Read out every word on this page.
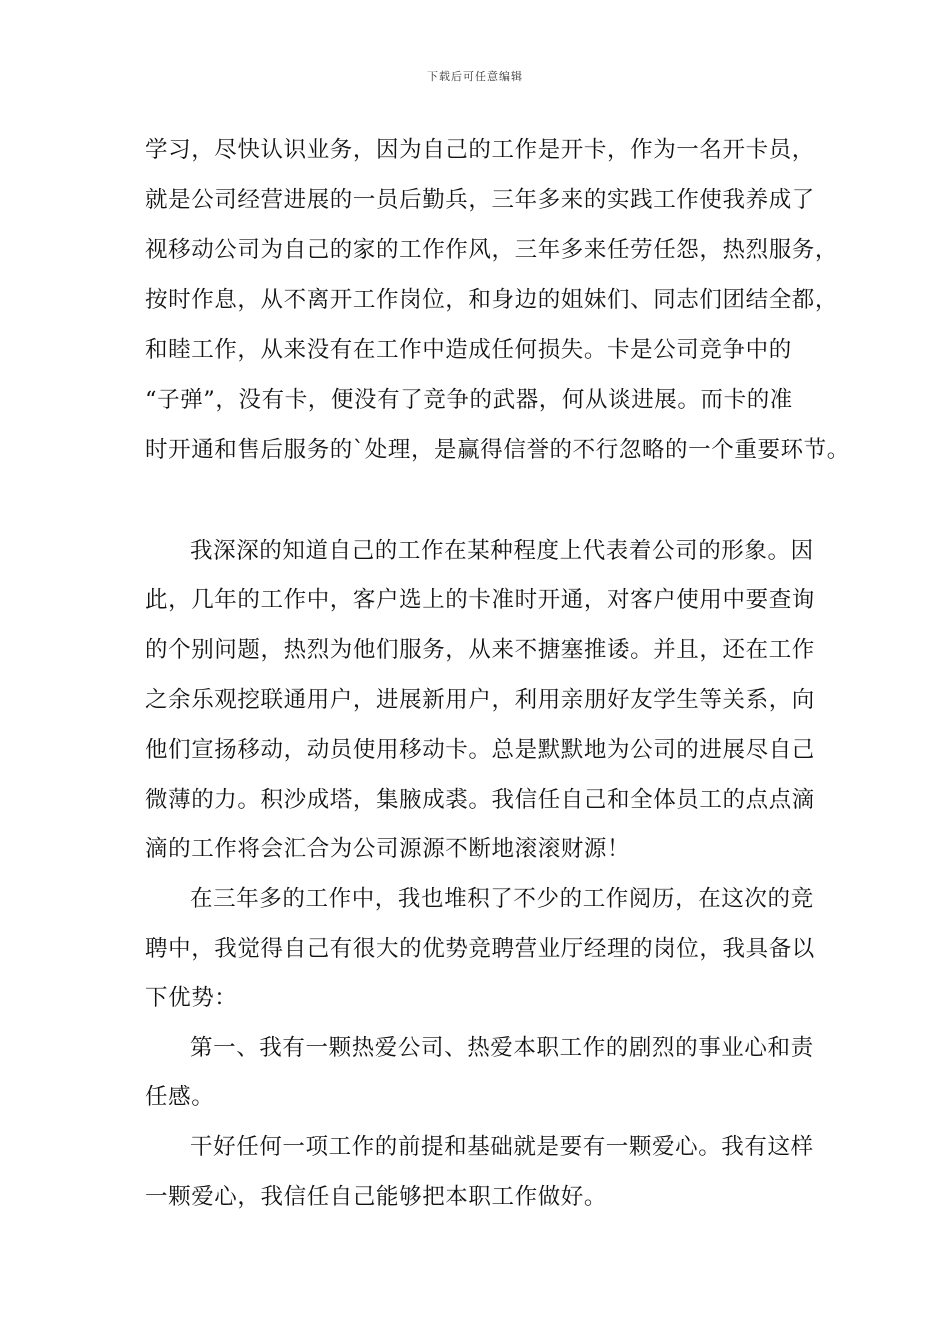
下载后可任意编辑
学习，尽快认识业务，因为自己的工作是开卡，作为一名开卡员，
就是公司经营进展的一员后勤兵，三年多来的实践工作使我养成了
视移动公司为自己的家的工作作风，三年多来任劳任怨，热烈服务，
按时作息，从不离开工作岗位，和身边的姐妹们、同志们团结全都，
和睦工作，从来没有在工作中造成任何损失。卡是公司竞争中的
“子弹”，没有卡，便没有了竞争的武器，何从谈进展。而卡的准
时开通和售后服务的`处理，是赢得信誉的不行忽略的一个重要环节。
我深深的知道自己的工作在某种程度上代表着公司的形象。因
此，几年的工作中，客户选上的卡准时开通，对客户使用中要查询
的个别问题，热烈为他们服务，从来不搪塞推诿。并且，还在工作
之余乐观挖联通用户，进展新用户，利用亲朋好友学生等关系，向
他们宣扬移动，动员使用移动卡。总是默默地为公司的进展尽自己
微薄的力。积沙成塔，集腋成裘。我信任自己和全体员工的点点滴
滴的工作将会汇合为公司源源不断地滚滚财源！
在三年多的工作中，我也堆积了不少的工作阅历，在这次的竞
聘中，我觉得自己有很大的优势竞聘营业厅经理的岗位，我具备以
下优势：
第一、我有一颗热爱公司、热爱本职工作的剧烈的事业心和责
任感。
干好任何一项工作的前提和基础就是要有一颗爱心。我有这样
一颗爱心，我信任自己能够把本职工作做好。
